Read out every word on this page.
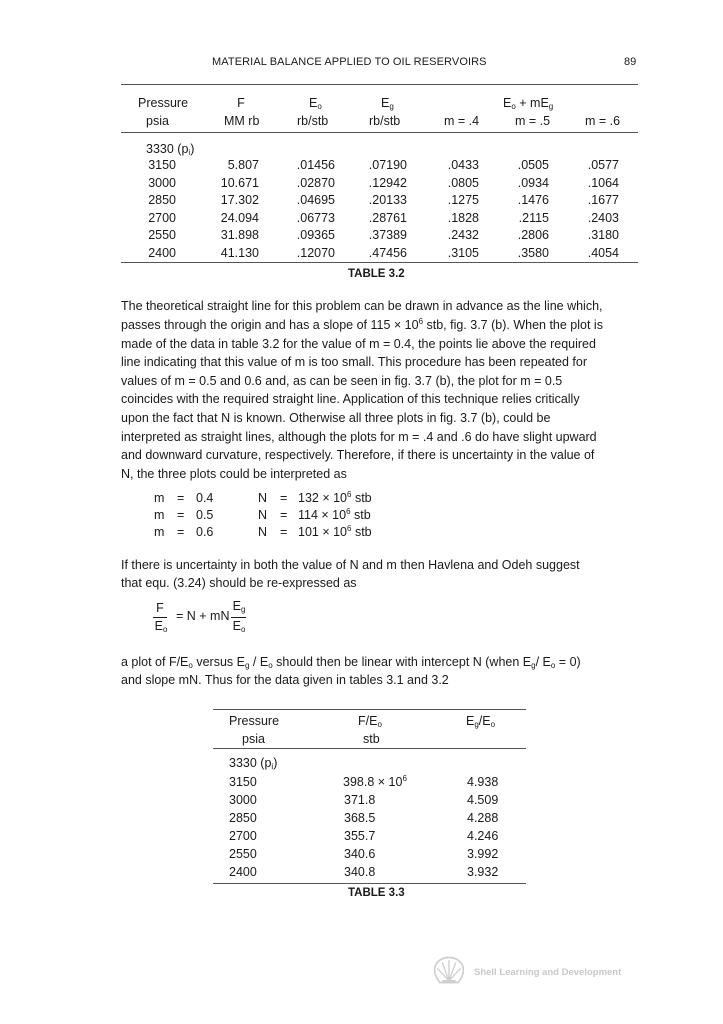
MATERIAL BALANCE APPLIED TO OIL RESERVOIRS	89
Pressure	F	$E_o$	$E_g$	$E_o + mE_g$
psia	MM rb	rb/stb	rb/stb	m = .4	m = .5	m = .6
3330 $(p_i)$
3150	5.807	.01456	.07190	.0433	.0505	.0577
3000	10.671	.02870	.12942	.0805	.0934	.1064
2850	17.302	.04695	.20133	.1275	.1476	.1677
2700	24.094	.06773	.28761	.1828	.2115	.2403
2550	31.898	.09365	.37389	.2432	.2806	.3180
2400	41.130	.12070	.47456	.3105	.3580	.4054
TABLE 3.2
The theoretical straight line for this problem can be drawn in advance as the line which,
passes through the origin and has a slope of $115 \times 10^6$ stb, fig. 3.7 (b). When the plot is
made of the data in table 3.2 for the value of m = 0.4, the points lie above the required
line indicating that this value of m is too small. This procedure has been repeated for
values of m = 0.5 and 0.6 and, as can be seen in fig. 3.7 (b), the plot for m = 0.5
coincides with the required straight line. Application of this technique relies critically
upon the fact that N is known. Otherwise all three plots in fig. 3.7 (b), could be
interpreted as straight lines, although the plots for m = .4 and .6 do have slight upward
and downward curvature, respectively. Therefore, if there is uncertainty in the value of
N, the three plots could be interpreted as
m = 0.4	$N = 132 \times 10^6$ stb
m = 0.5	$N = 114 \times 10^6$ stb
m = 0.6	$N = 101 \times 10^6$ stb
If there is uncertainty in both the value of N and m then Havlena and Odeh suggest
that equ. (3.24) should be re-expressed as
F
$E_o$
= N + mN
$E_g$
$E_o$
a plot of $F/E_o$ versus $E_g / E_o$ should then be linear with intercept N (when $E_g/$ $E_o = 0$)
and slope mN. Thus for the data given in tables 3.1 and 3.2
Pressure	$F/E_o$	$E_g/E_o$
psia	stb
3330 $(p_i)$
3150	$398.8 \times 10^6$	4.938
3000	371.8	4.509
2850	368.5	4.288
2700	355.7	4.246
2550	340.6	3.992
2400	340.8	3.932
TABLE 3.3
Shell Learning and Development
